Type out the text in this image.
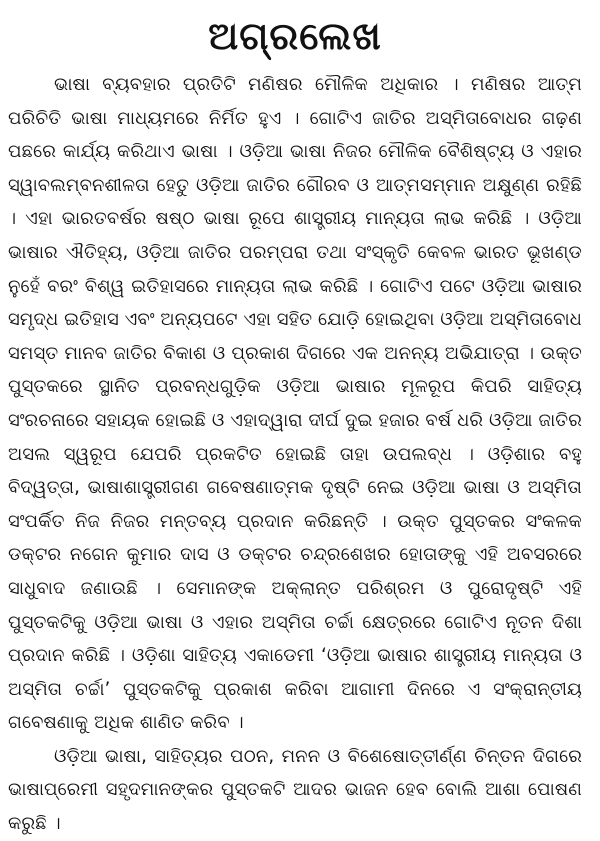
ଅଗ୍ରଲେଖ

ଭାଷା ବ୍ୟବହାର ପ୍ରତିଟି ମଣିଷର ମୌଳିକ ଅଧିକାର । ମଣିଷର ଆତ୍ମ ପରିଚିତି ଭାଷା ମାଧ୍ୟମରେ ନିର୍ମିତ ହୁଏ । ଗୋଟିଏ ଜାତିର ଅସ୍ମିତାବୋଧର ଗଢ଼ଣ ପଛରେ କାର୍ଯ୍ୟ କରିଥାଏ ଭାଷା । ଓଡ଼ିଆ ଭାଷା ନିଜର ମୌଳିକ ବୈଶିଷ୍ଟ୍ୟ ଓ ଏହାର ସ୍ୱାବଲମ୍ବନଶୀଳତା ହେତୁ ଓଡ଼ିଆ ଜାତିର ଗୌରବ ଓ ଆତ୍ମସମ୍ମାନ ଅକ୍ଷୁଣ୍ଣ ରହିଛି । ଏହା ଭାରତବର୍ଷର ଷଷ୍ଠ ଭାଷା ରୂପେ ଶାସ୍ତ୍ରୀୟ ମାନ୍ୟତା ଲାଭ କରିଛି । ଓଡ଼ିଆ ଭାଷାର ଐତିହ୍ୟ, ଓଡ଼ିଆ ଜାତିର ପରମ୍ପରା ତଥା ସଂସ୍କୃତି କେବଳ ଭାରତ ଭୂଖଣ୍ଡ ନୁହେଁ ବରଂ ବିଶ୍ୱ ଇତିହାସରେ ମାନ୍ୟତା ଲାଭ କରିଛି । ଗୋଟିଏ ପଟେ ଓଡ଼ିଆ ଭାଷାର ସମୃଦ୍ଧ ଇତିହାସ ଏବଂ ଅନ୍ୟପଟେ ଏହା ସହିତ ଯୋଡ଼ି ହୋଇଥିବା ଓଡ଼ିଆ ଅସ୍ମିତାବୋଧ ସମସ୍ତ ମାନବ ଜାତିର ବିକାଶ ଓ ପ୍ରକାଶ ଦିଗରେ ଏକ ଅନନ୍ୟ ଅଭିଯାତ୍ରା । ଉକ୍ତ ପୁସ୍ତକରେ ସ୍ଥାନିତ ପ୍ରବନ୍ଧଗୁଡ଼ିକ ଓଡ଼ିଆ ଭାଷାର ମୂଳରୂପ କିପରି ସାହିତ୍ୟ ସଂରଚନାରେ ସହାୟକ ହୋଇଛି ଓ ଏହାଦ୍ୱାରା ଦୀର୍ଘ ଦୁଇ ହଜାର ବର୍ଷ ଧରି ଓଡ଼ିଆ ଜାତିର ଅସଲ ସ୍ୱରୂପ ଯେପରି ପ୍ରକଟିତ ହୋଇଛି ତାହା ଉପଲବ୍ଧ । ଓଡ଼ିଶାର ବହୁ ବିଦ୍ୱତ୍ତା, ଭାଷାଶାସ୍ତ୍ରୀଗଣ ଗବେଷଣାତ୍ମକ ଦୃଷ୍ଟି ନେଇ ଓଡ଼ିଆ ଭାଷା ଓ ଅସ୍ମିତା ସଂପର୍କିତ ନିଜ ନିଜର ମନ୍ତବ୍ୟ ପ୍ରଦାନ କରିଛନ୍ତି । ଉକ୍ତ ପୁସ୍ତକର ସଂକଳକ ଡକ୍ଟର ନଗେନ କୁମାର ଦାସ ଓ ଡକ୍ଟର ଚନ୍ଦ୍ରଶେଖର ହୋତାଙ୍କୁ ଏହି ଅବସରରେ ସାଧୁବାଦ ଜଣାଉଛି । ସେମାନଙ୍କ ଅକ୍ଲାନ୍ତ ପରିଶ୍ରମ ଓ ପୁରୋଦୃଷ୍ଟି ଏହି ପୁସ୍ତକଟିକୁ ଓଡ଼ିଆ ଭାଷା ଓ ଏହାର ଅସ୍ମିତା ଚର୍ଚ୍ଚା କ୍ଷେତ୍ରରେ ଗୋଟିଏ ନୂତନ ଦିଶା ପ୍ରଦାନ କରିଛି । ଓଡ଼ିଶା ସାହିତ୍ୟ ଏକାଡେମୀ ‘ଓଡ଼ିଆ ଭାଷାର ଶାସ୍ତ୍ରୀୟ ମାନ୍ୟତା ଓ ଅସ୍ମିତା ଚର୍ଚ୍ଚା’ ପୁସ୍ତକଟିକୁ ପ୍ରକାଶ କରିବା ଆଗାମୀ ଦିନରେ ଏ ସଂକ୍ରାନ୍ତୀୟ ଗବେଷଣାକୁ ଅଧିକ ଶାଣିତ କରିବ ।

ଓଡ଼ିଆ ଭାଷା, ସାହିତ୍ୟର ପଠନ, ମନନ ଓ ବିଶେଷୋତ୍ତୀର୍ଣ୍ଣ ଚିନ୍ତନ ଦିଗରେ ଭାଷାପ୍ରେମୀ ସହୃଦମାନଙ୍କର ପୁସ୍ତକଟି ଆଦର ଭାଜନ ହେବ ବୋଲି ଆଶା ପୋଷଣ କରୁଛି ।
